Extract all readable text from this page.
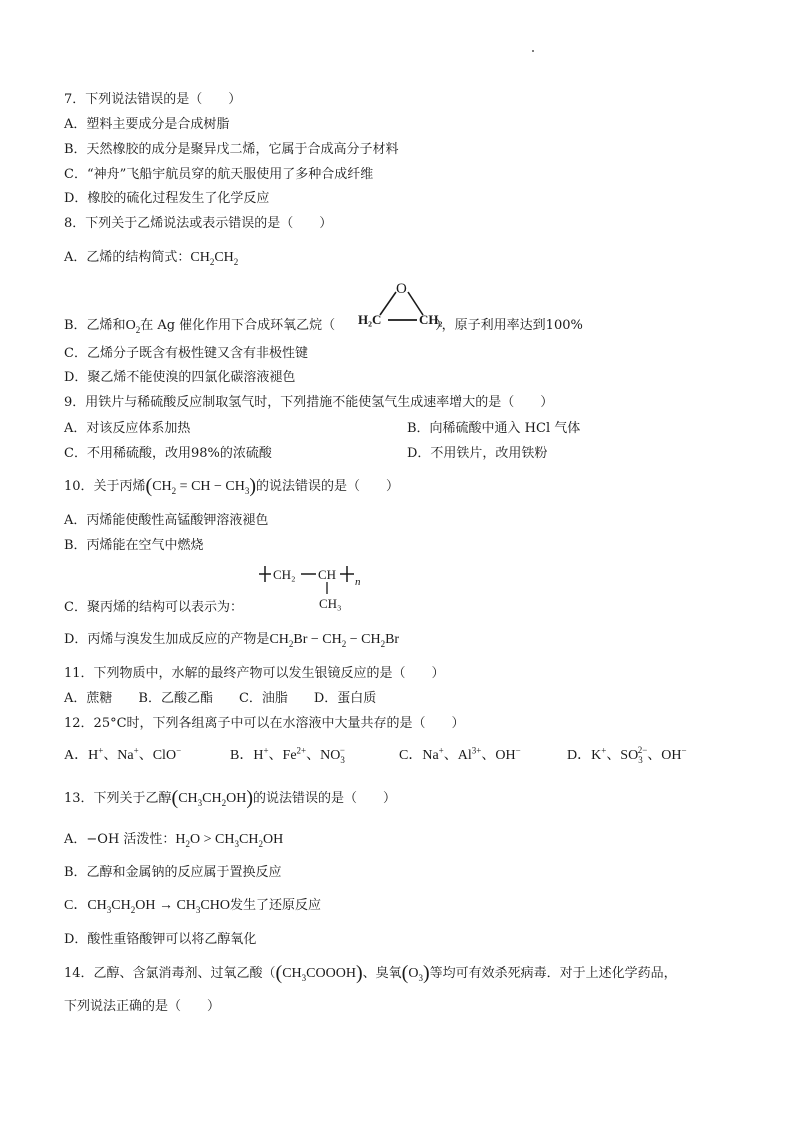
7．下列说法错误的是（　　）
A．塑料主要成分是合成树脂
B．天然橡胶的成分是聚异戊二烯，它属于合成高分子材料
C．“神舟”飞船宇航员穿的航天服使用了多种合成纤维
D．橡胶的硫化过程发生了化学反应
8．下列关于乙烯说法或表示错误的是（　　）
A．乙烯的结构简式：$CH_2CH_2$
O
H₂C	CH₂
B．乙烯和$O_2$在 Ag 催化作用下合成环氧乙烷（	），原子利用率达到100%
C．乙烯分子既含有极性键又含有非极性键
D．聚乙烯不能使溴的四氯化碳溶液褪色
9．用铁片与稀硫酸反应制取氢气时，下列措施不能使氢气生成速率增大的是（　　）
A．对该反应体系加热	B．向稀硫酸中通入 HCl 气体
C．不用稀硫酸，改用98%的浓硫酸	D．不用铁片，改用铁粉
10．关于丙烯($CH_2$ = CH − $CH_3$)的说法错误的是（　　）
A．丙烯能使酸性高锰酸钾溶液褪色
B．丙烯能在空气中燃烧
CH₂ CH n
CH₃
C．聚丙烯的结构可以表示为：
D．丙烯与溴发生加成反应的产物是$CH_2Br - CH_2 - CH_2Br$
11．下列物质中，水解的最终产物可以发生银镜反应的是（　　）
A．蔗糖　　B．乙酸乙酯　　C．油脂　　D．蛋白质
12．25°C时，下列各组离子中可以在水溶液中大量共存的是（　　）
A．H+、Na+、ClO−	B．H+、$Fe^{2+}$、$NO_3^-$	C．Na+、$Al^{3+}$、OH−	D．K+、$SO_3^{2-}$、OH−
13．下列关于乙醇$(CH_3CH_2OH)$的说法错误的是（　　）
A．−OH 活泼性：$H_2O > CH_3CH_2OH$
B．乙醇和金属钠的反应属于置换反应
C．$CH_3CH_2OH \to CH_3CHO$发生了还原反应
D．酸性重铬酸钾可以将乙醇氧化
14．乙醇、含氯消毒剂、过氧乙酸（$(CH_3COOOH)$、臭氧$(O_3)$等均可有效杀死病毒．对于上述化学药品，
下列说法正确的是（　　）
